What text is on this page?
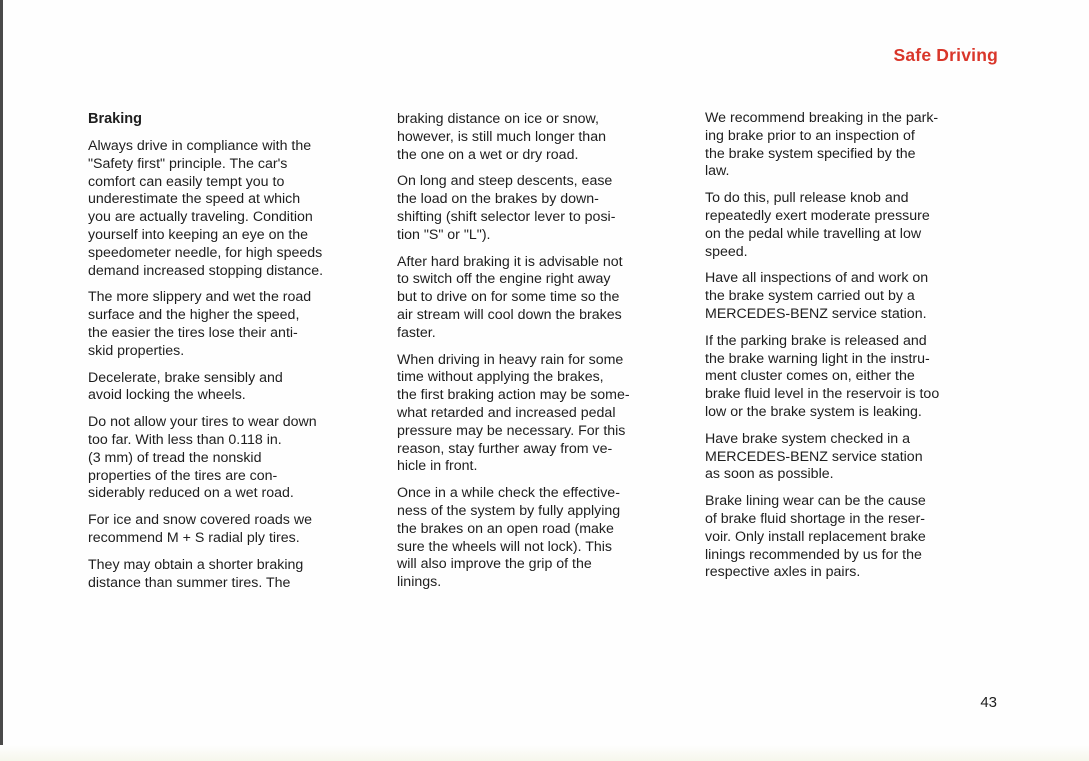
Safe Driving
Braking
Always drive in compliance with the
"Safety first" principle. The car's
comfort can easily tempt you to
underestimate the speed at which
you are actually traveling. Condition
yourself into keeping an eye on the
speedometer needle, for high speeds
demand increased stopping distance.
The more slippery and wet the road
surface and the higher the speed,
the easier the tires lose their anti-
skid properties.
Decelerate, brake sensibly and
avoid locking the wheels.
Do not allow your tires to wear down
too far. With less than 0.118 in.
(3 mm) of tread the nonskid
properties of the tires are con-
siderably reduced on a wet road.
For ice and snow covered roads we
recommend M + S radial ply tires.
They may obtain a shorter braking
distance than summer tires. The
braking distance on ice or snow,
however, is still much longer than
the one on a wet or dry road.
On long and steep descents, ease
the load on the brakes by down-
shifting (shift selector lever to posi-
tion "S" or "L").
After hard braking it is advisable not
to switch off the engine right away
but to drive on for some time so the
air stream will cool down the brakes
faster.
When driving in heavy rain for some
time without applying the brakes,
the first braking action may be some-
what retarded and increased pedal
pressure may be necessary. For this
reason, stay further away from ve-
hicle in front.
Once in a while check the effective-
ness of the system by fully applying
the brakes on an open road (make
sure the wheels will not lock). This
will also improve the grip of the
linings.
We recommend breaking in the park-
ing brake prior to an inspection of
the brake system specified by the
law.
To do this, pull release knob and
repeatedly exert moderate pressure
on the pedal while travelling at low
speed.
Have all inspections of and work on
the brake system carried out by a
MERCEDES-BENZ service station.
If the parking brake is released and
the brake warning light in the instru-
ment cluster comes on, either the
brake fluid level in the reservoir is too
low or the brake system is leaking.
Have brake system checked in a
MERCEDES-BENZ service station
as soon as possible.
Brake lining wear can be the cause
of brake fluid shortage in the reser-
voir. Only install replacement brake
linings recommended by us for the
respective axles in pairs.
43
